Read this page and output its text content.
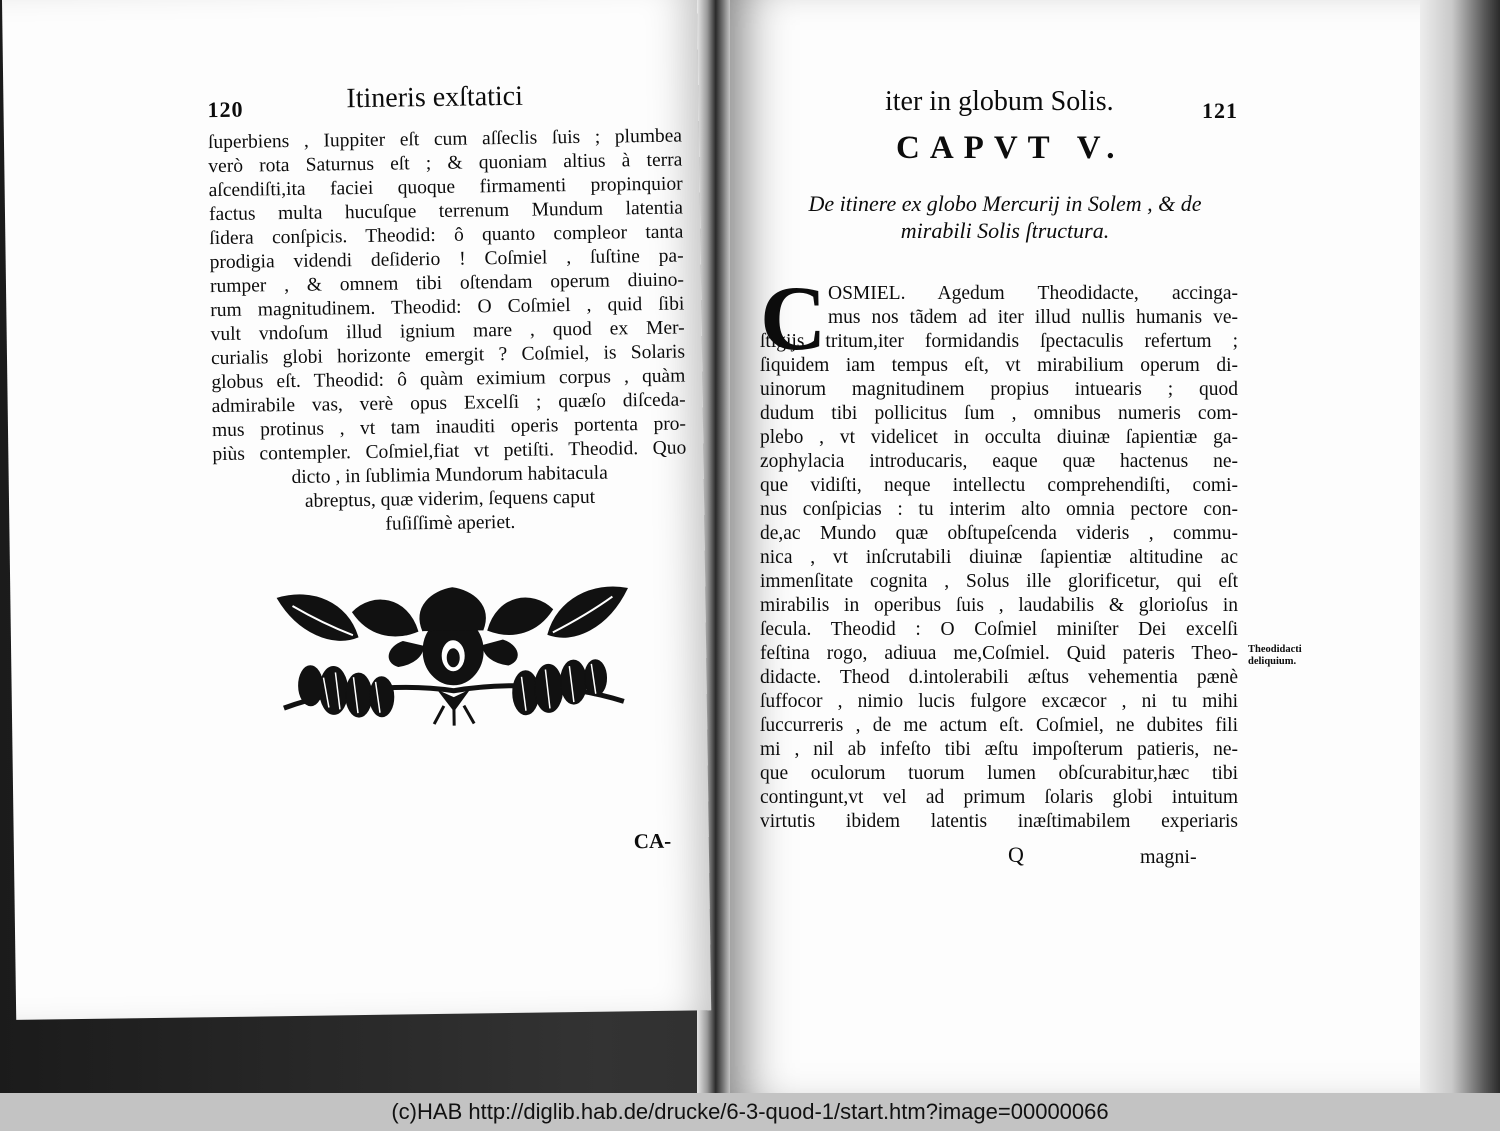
120	Itineris exſtatici
ſuperbiens , Iuppiter eſt cum aſſeclis ſuis ; plumbea
verò rota Saturnus eſt ; & quoniam altius à terra
aſcendiſti,ita faciei quoque firmamenti propinquior
factus multa hucuſque terrenum Mundum latentia
ſidera conſpicis. Theodid: ô quanto compleor tanta
prodigia videndi deſiderio ! Coſmiel , ſuſtine pa-
rumper , & omnem tibi oſtendam operum diuino-
rum magnitudinem. Theodid: O Coſmiel , quid ſibi
vult vndoſum illud ignium mare , quod ex Mer-
curialis globi horizonte emergit ? Coſmiel, is Solaris
globus eſt. Theodid: ô quàm eximium corpus , quàm
admirabile vas, verè opus Excelſi ; quæſo diſceda-
mus protinus , vt tam inauditi operis portenta pro-
piùs contempler. Coſmiel,fiat vt petiſti. Theodid. Quo
dicto , in ſublimia Mundorum habitacula
abreptus, quæ viderim, ſequens caput
fuſiſſimè aperiet.
CA-
iter in globum Solis.	121
CAPVT V.
De itinere ex globo Mercurij in Solem , & de
mirabili Solis ſtructura.
C OSMIEL. Agedum Theodidacte, accinga-
mus nos tãdem ad iter illud nullis humanis ve-
ſtigijs tritum,iter formidandis ſpectaculis refertum ;
ſiquidem iam tempus eſt, vt mirabilium operum di-
uinorum magnitudinem propius intuearis ; quod
dudum tibi pollicitus ſum , omnibus numeris com-
plebo , vt videlicet in occulta diuinæ ſapientiæ ga-
zophylacia introducaris, eaque quæ hactenus ne-
que vidiſti, neque intellectu comprehendiſti, comi-
nus conſpicias : tu interim alto omnia pectore con-
de,ac Mundo quæ obſtupeſcenda videris , commu-
nica , vt inſcrutabili diuinæ ſapientiæ altitudine ac
immenſitate cognita , Solus ille glorificetur, qui eſt
mirabilis in operibus ſuis , laudabilis & glorioſus in
ſecula. Theodid : O Coſmiel miniſter Dei excelſi
feſtina rogo, adiuua me,Coſmiel. Quid pateris Theo-
didacte. Theod d.intolerabili æſtus vehementia pænè
ſuffocor , nimio lucis fulgore excæcor , ni tu mihi
ſuccurreris , de me actum eſt. Coſmiel, ne dubites fili
mi , nil ab infeſto tibi æſtu impoſterum patieris, ne-
que oculorum tuorum lumen obſcurabitur,hæc tibi
contingunt,vt vel ad primum ſolaris globi intuitum
virtutis ibidem latentis inæſtimabilem experiaris
Theodidacti
deliquium.
Q	magni-
(c)HAB http://diglib.hab.de/drucke/6-3-quod-1/start.htm?image=00000066
